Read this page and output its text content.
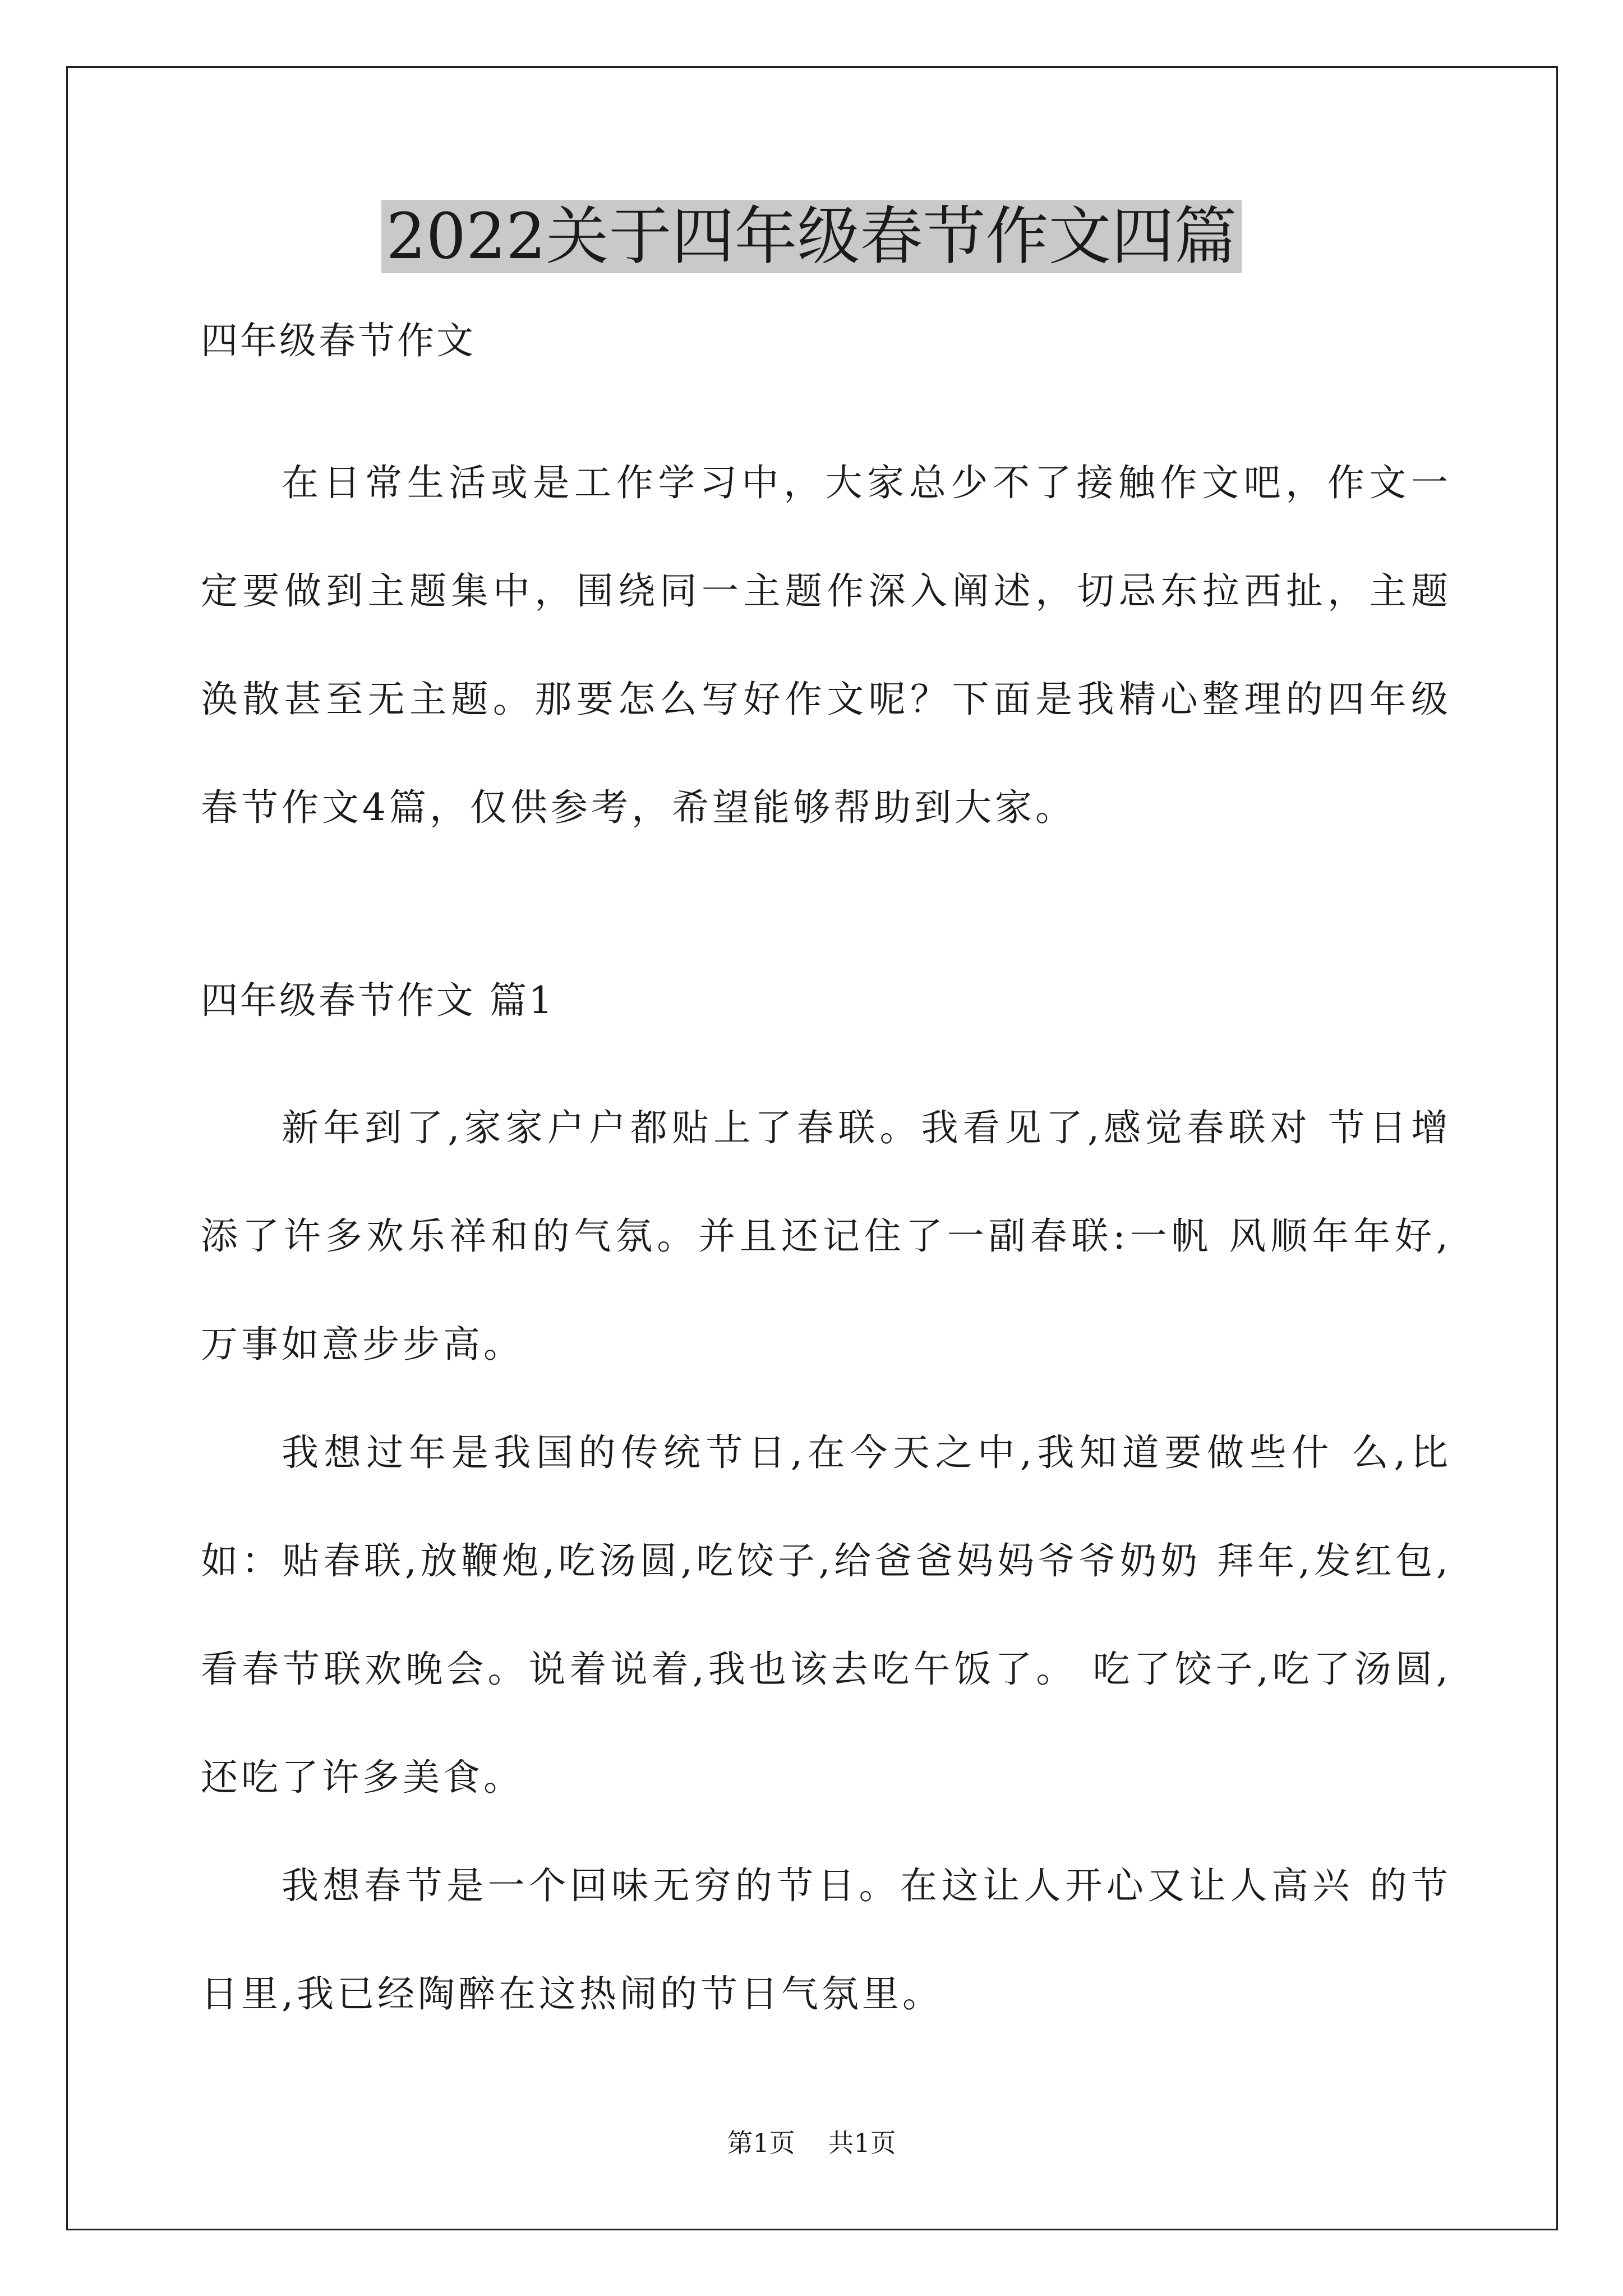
2022关于四年级春节作文四篇

四年级春节作文

在日常生活或是工作学习中，大家总少不了接触作文吧，作文一定要做到主题集中，围绕同一主题作深入阐述，切忌东拉西扯，主题涣散甚至无主题。那要怎么写好作文呢？下面是我精心整理的四年级春节作文4篇，仅供参考，希望能够帮助到大家。

四年级春节作文 篇1

新年到了,家家户户都贴上了春联。我看见了,感觉春联对 节日增添了许多欢乐祥和的气氛。并且还记住了一副春联:一帆 风顺年年好,万事如意步步高。

我想过年是我国的传统节日,在今天之中,我知道要做些什 么,比如：贴春联,放鞭炮,吃汤圆,吃饺子,给爸爸妈妈爷爷奶奶 拜年,发红包,看春节联欢晚会。说着说着,我也该去吃午饭了。 吃了饺子,吃了汤圆,还吃了许多美食。

我想春节是一个回味无穷的节日。在这让人开心又让人高兴 的节日里,我已经陶醉在这热闹的节日气氛里。

第1页 共1页
